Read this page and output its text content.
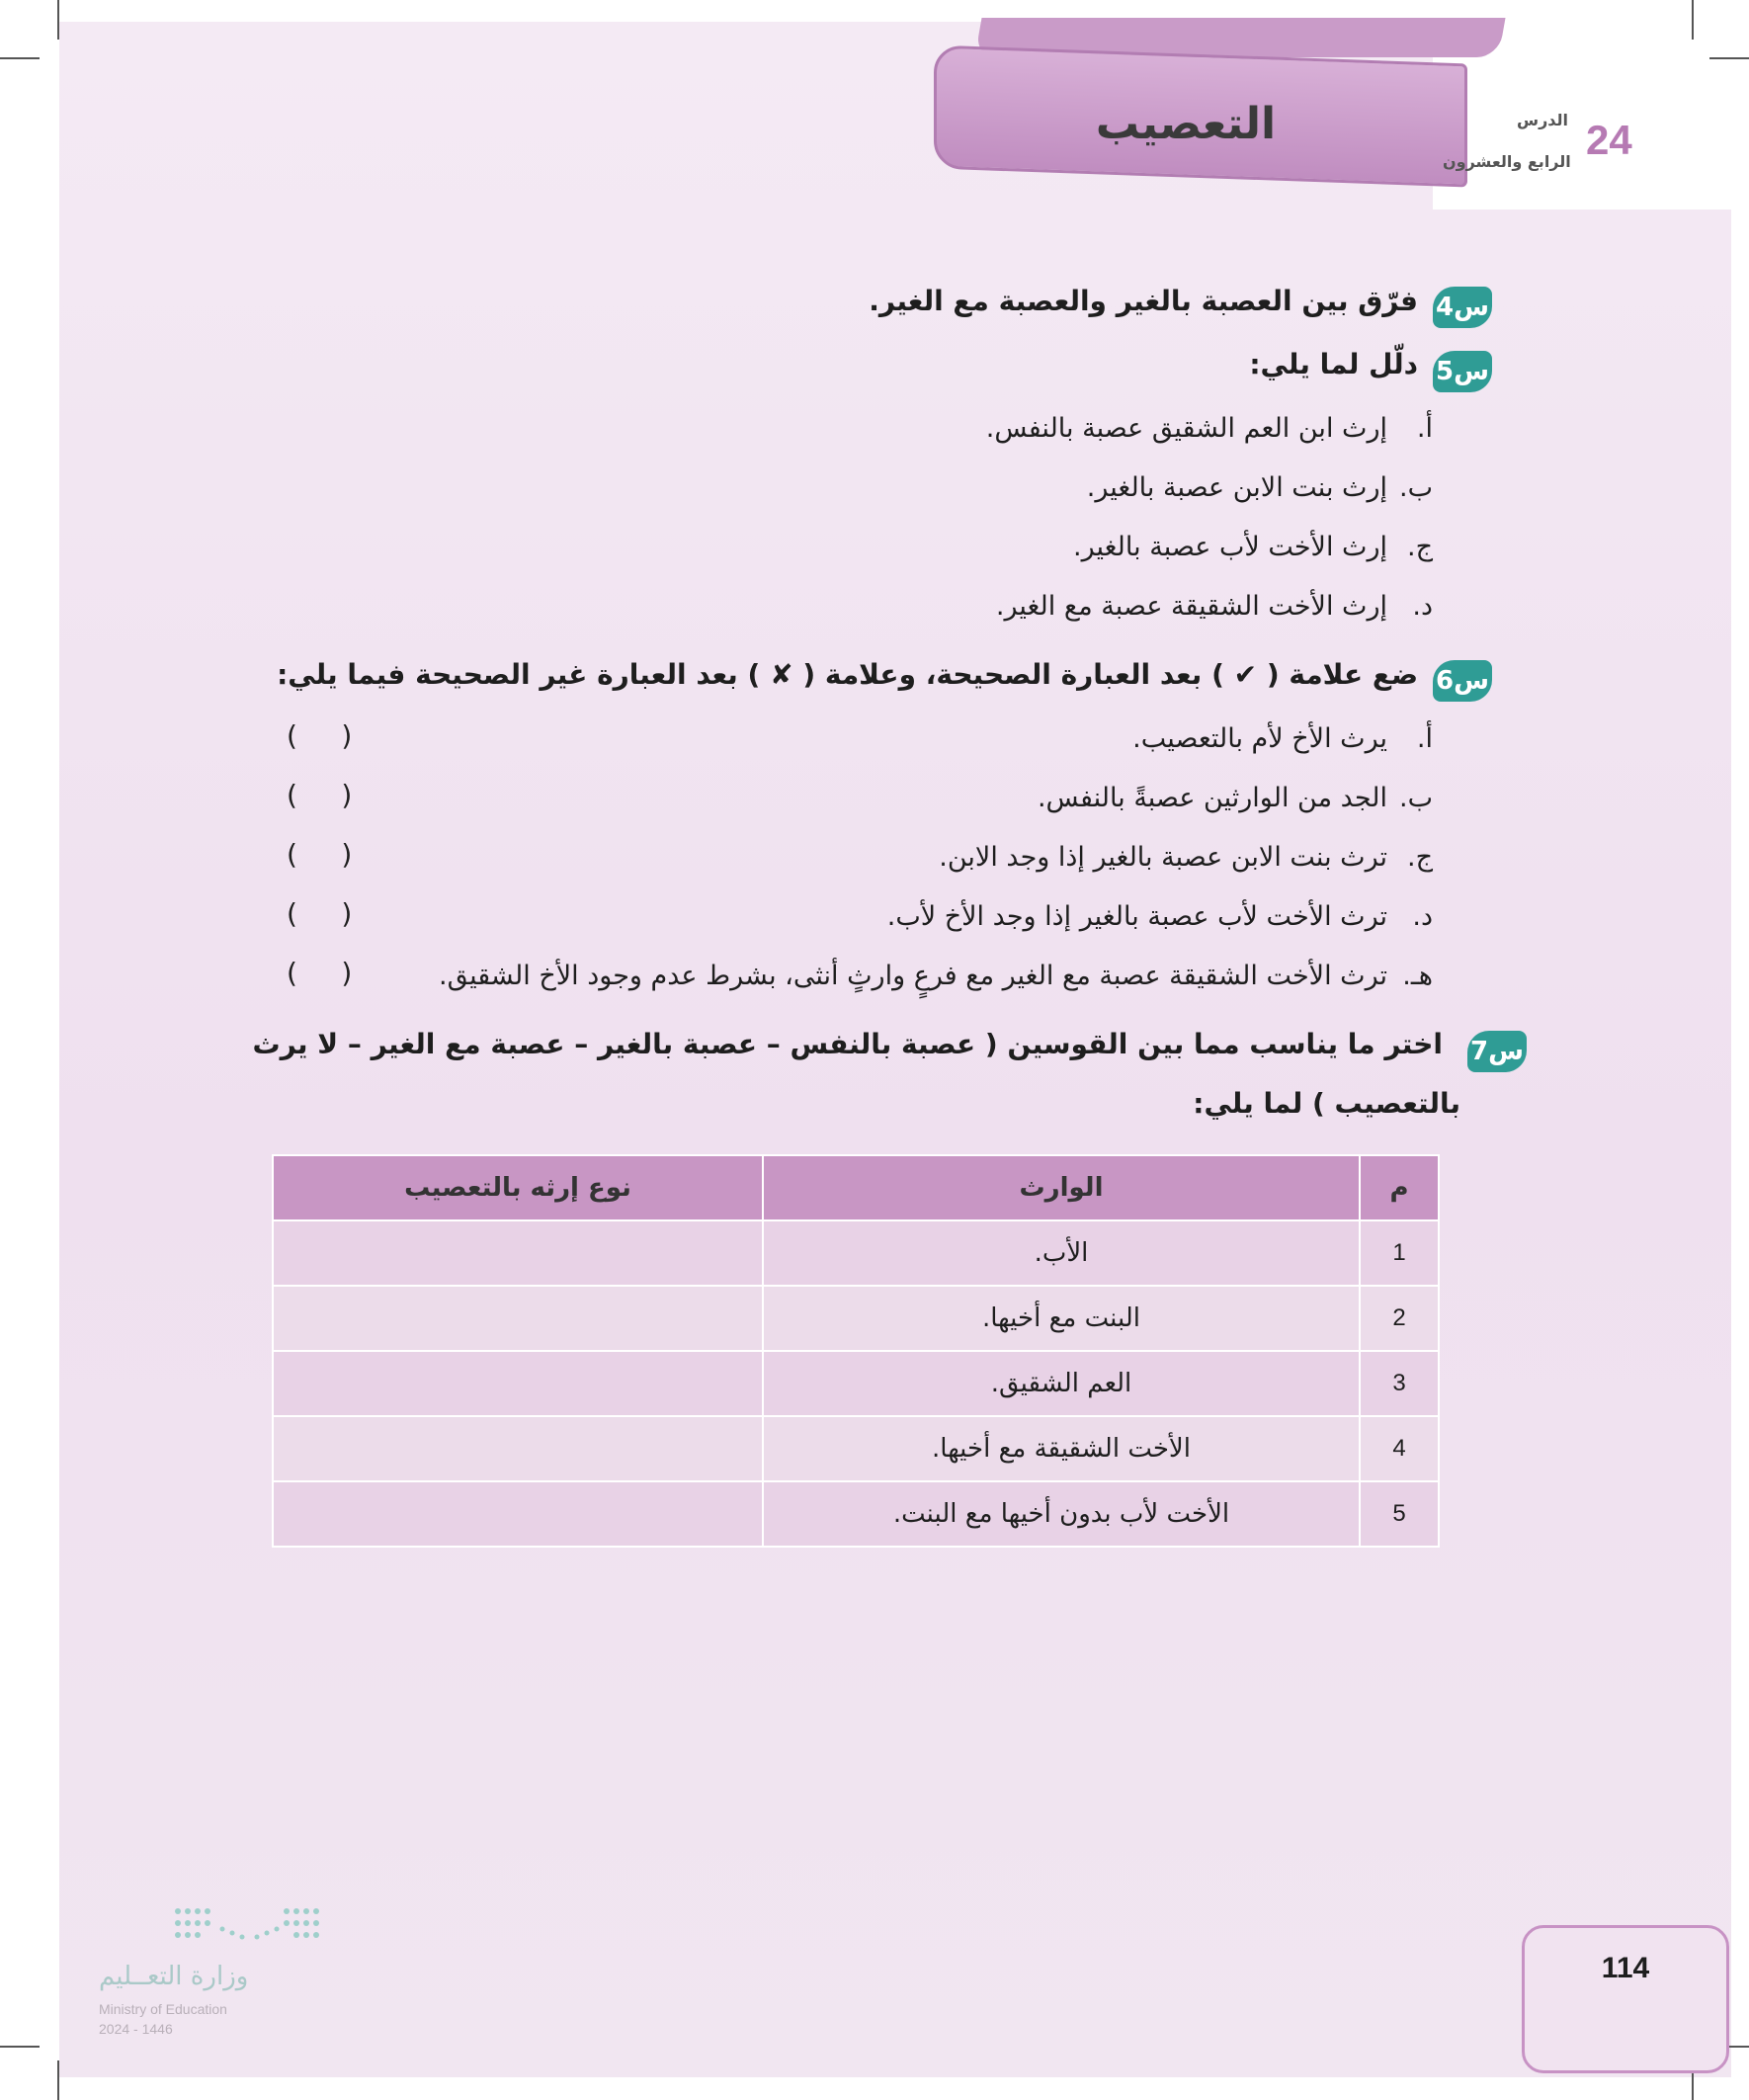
التعصيب	24
الدرس
الرابع والعشرون
س4
فرّق بين العصبة بالغير والعصبة مع الغير.
س5
دلّل لما يلي:
أ.إرث ابن العم الشقيق عصبة بالنفس.
ب.إرث بنت الابن عصبة بالغير.
ج.إرث الأخت لأب عصبة بالغير.
د.إرث الأخت الشقيقة عصبة مع الغير.
س6
ضع علامة ( ✔ ) بعد العبارة الصحيحة، وعلامة ( ✘ ) بعد العبارة غير الصحيحة فيما يلي:
أ.يرث الأخ لأم بالتعصيب.
(     )
ب.الجد من الوارثين عصبةً بالنفس.
(     )
ج.ترث بنت الابن عصبة بالغير إذا وجد الابن.
(     )
د.ترث الأخت لأب عصبة بالغير إذا وجد الأخ لأب.
(     )
هـ.ترث الأخت الشقيقة عصبة مع الغير مع فرعٍ وارثٍ أنثى، بشرط عدم وجود الأخ الشقيق.
(     )
س7
اختر ما يناسب مما بين القوسين ( عصبة بالنفس – عصبة بالغير – عصبة مع الغير – لا يرث
بالتعصيب ) لما يلي:
م	الوارث	نوع إرثه بالتعصيب
1	الأب.	
2	البنت مع أخيها.	
3	العم الشقيق.	
4	الأخت الشقيقة مع أخيها.	
5	الأخت لأب بدون أخيها مع البنت.	
114
وزارة التعــليم
Ministry of Education
2024 - 1446
